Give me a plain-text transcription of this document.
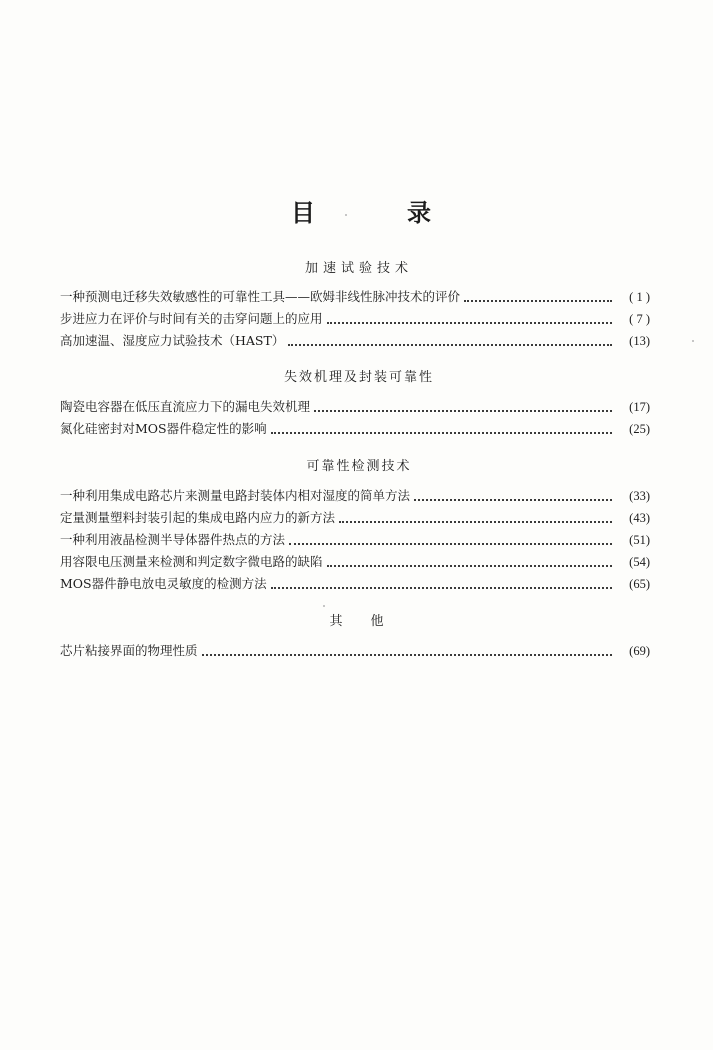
目	录
加速试验技术
一种预测电迁移失效敏感性的可靠性工具——欧姆非线性脉冲技术的评价	( 1 )
步进应力在评价与时间有关的击穿问题上的应用	( 7 )
高加速温、湿度应力试验技术（HAST）	(13)
失效机理及封装可靠性
陶瓷电容器在低压直流应力下的漏电失效机理	(17)
氮化硅密封对MOS器件稳定性的影响	(25)
可靠性检测技术
一种利用集成电路芯片来测量电路封装体内相对湿度的简单方法	(33)
定量测量塑料封装引起的集成电路内应力的新方法	(43)
一种利用液晶检测半导体器件热点的方法	(51)
用容限电压测量来检测和判定数字微电路的缺陷	(54)
MOS器件静电放电灵敏度的检测方法	(65)
其他
芯片粘接界面的物理性质	(69)
